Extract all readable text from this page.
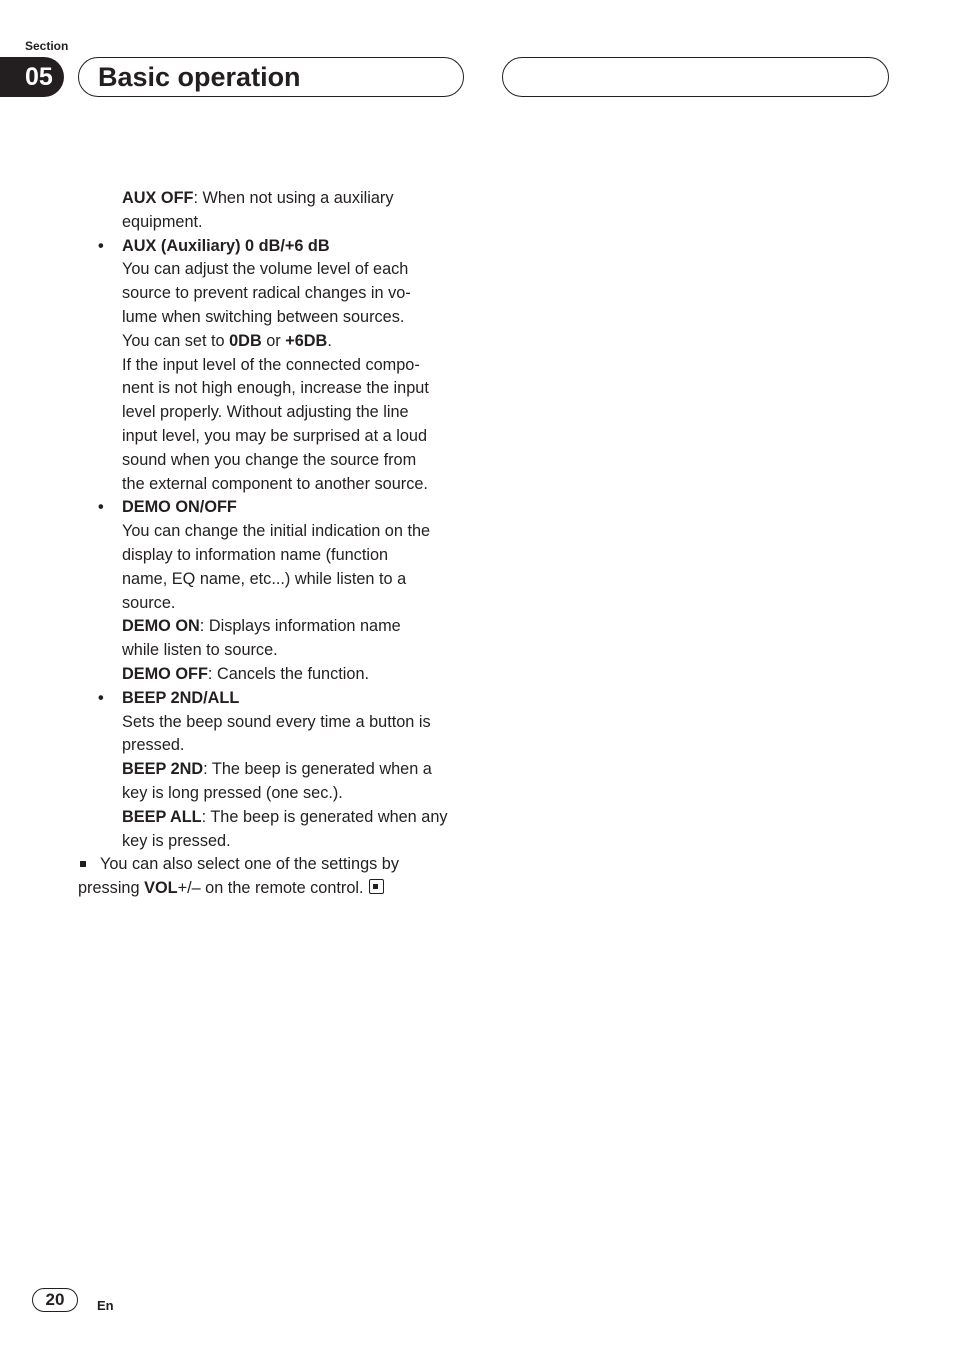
Section
05	Basic operation
AUX OFF: When not using a auxiliary
equipment.
• AUX (Auxiliary) 0 dB/+6 dB
You can adjust the volume level of each
source to prevent radical changes in vo-
lume when switching between sources.
You can set to 0DB or +6DB.
If the input level of the connected compo-
nent is not high enough, increase the input
level properly. Without adjusting the line
input level, you may be surprised at a loud
sound when you change the source from
the external component to another source.
• DEMO ON/OFF
You can change the initial indication on the
display to information name (function
name, EQ name, etc...) while listen to a
source.
DEMO ON: Displays information name
while listen to source.
DEMO OFF: Cancels the function.
• BEEP 2ND/ALL
Sets the beep sound every time a button is
pressed.
BEEP 2ND: The beep is generated when a
key is long pressed (one sec.).
BEEP ALL: The beep is generated when any
key is pressed.
You can also select one of the settings by
pressing VOL+/– on the remote control.
20	En
